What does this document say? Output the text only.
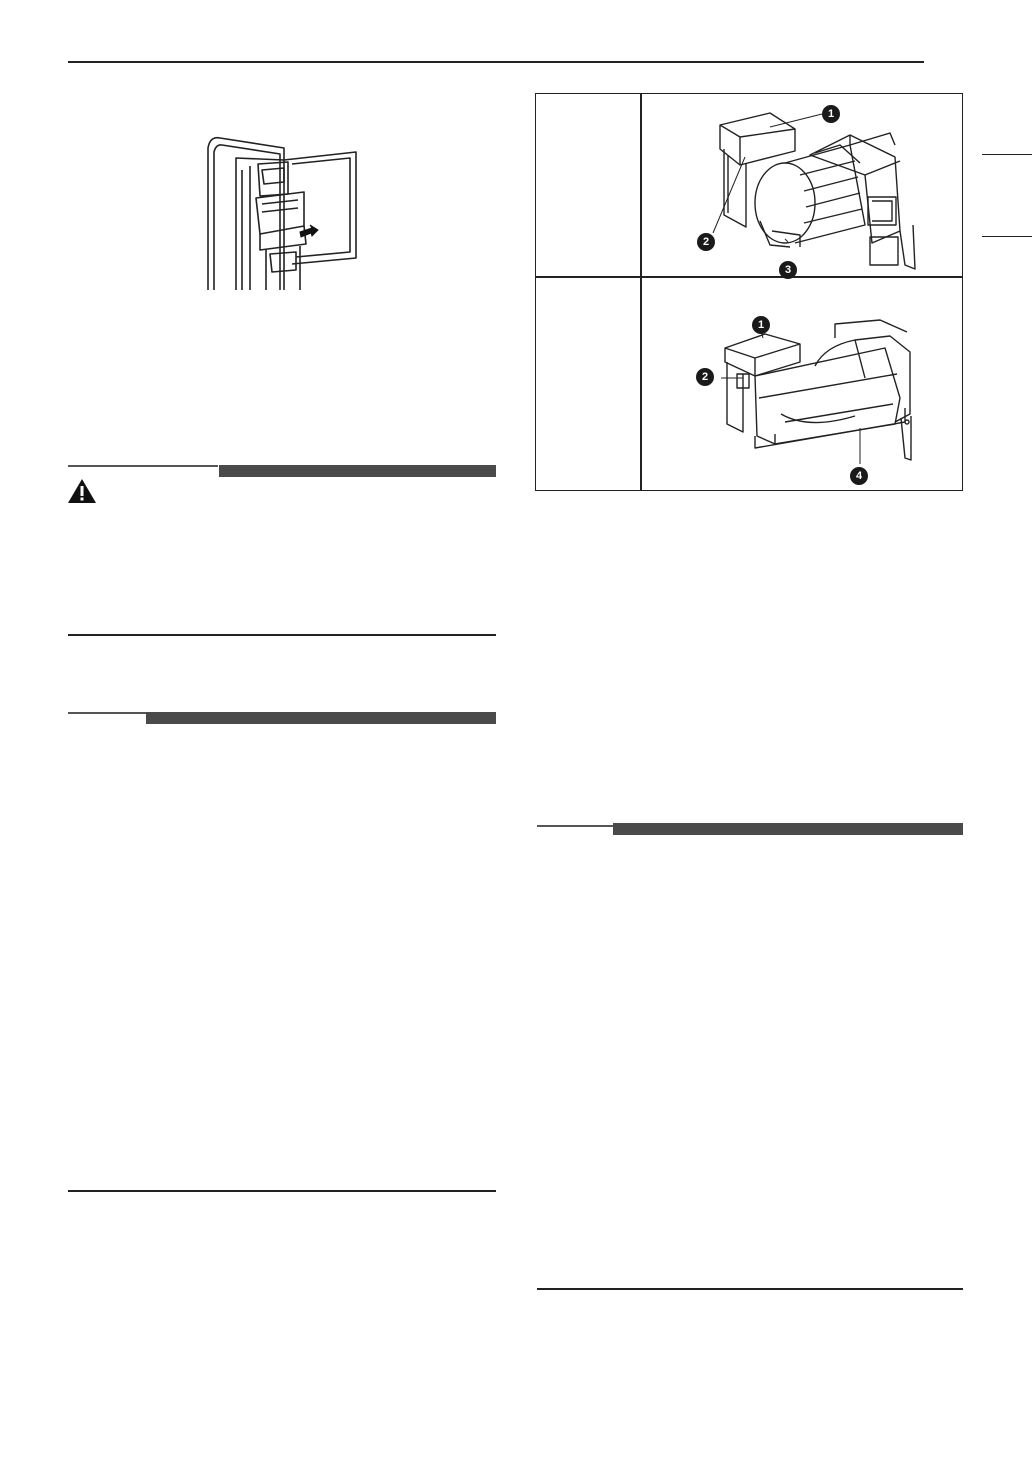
1
2
3
1
2
4
